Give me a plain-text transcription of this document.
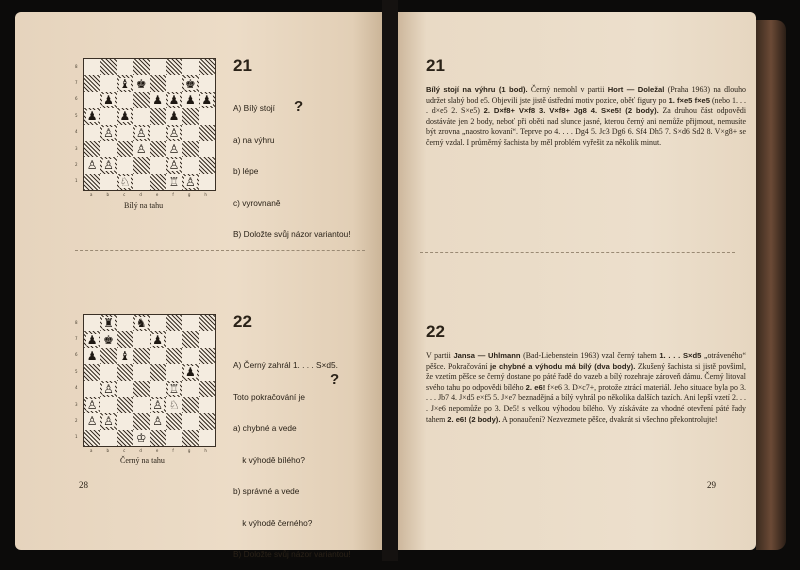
28	29
8
7
6
5
4
3
2
1
♝ ♚	♚
♟	♟ ♟ ♟ ♟
♟ ♟	♟
♙ ♙ ♙
♙ ♙
♙ ♙	♙
♘	♖ ♙
a	b	c	d	e	f	g	h
Bílý na tahu
21

A) Bílý stojí

a) na výhru

b) lépe

c) vyrovnaně

B) Doložte svůj názor variantou!

?
8
7
6
5
4
3
2
1
♜ ♞
♟ ♚	♟
♟ ♝
♟
♙	♖
♙	♙ ♘
♙ ♙	♙
♔
a	b	c	d	e	f	g	h
Černý na tahu
22

A) Černý zahrál 1. . . . S×d5.

Toto pokračování je

a) chybné a vede

k výhodě bílého?

b) správné a vede

k výhodě černého?

B) Doložte svůj názor variantou!

?
21
Bílý stojí na výhru (1 bod). Černý nemohl v partii Hort — Doležal (Praha 1963) na dlouho udržet slabý bod e5. Objevili jste jistě ústřední motiv pozice, oběť figury po 1. f×e5 f×e5 (nebo 1. . . . d×e5 2. S×e5) 2. D×f8+ V×f8 3. V×f8+ Jg8 4. S×e5! (2 body). Za druhou část odpovědi dostáváte jen 2 body, neboť při oběti nad slunce jasné, kterou černý ani nemůže přijmout, nemusíte být zrovna „naostro kovaní“. Teprve po 4. . . . Dg4 5. Jc3 Dg6 6. Sf4 Dh5 7. S×d6 Sd2 8. V×g8+ se černý vzdal. I průměrný šachista by měl problém vyřešit za několik minut.
22
V partii Jansa — Uhlmann (Bad-Liebenstein 1963) vzal černý tahem 1. . . . S×d5 „otráveného“ pěšce. Pokračování je chybné a výhodu má bílý (dva body). Zkušený šachista si jistě povšiml, že vzetím pěšce se černý dostane po páté řadě do vazeb a bílý rozehraje zároveň dámu. Černý litoval svého tahu po odpovědi bílého 2. e6! f×e6 3. D×c7+, protože ztrácí materiál. Jeho situace byla po 3. . . . Jb7 4. J×d5 e×f5 5. J×e7 beznadějná a bílý vyhrál po několika dalších tazích. Ani lepší vzetí 2. . . . J×e6 nepomůže po 3. De5! s velkou výhodou bílého. Vy získáváte za vhodné otevření páté řady tahem 2. e6! (2 body). A ponaučení? Nezvezmete pěšce, dvakrát si všechno překontrolujte!
